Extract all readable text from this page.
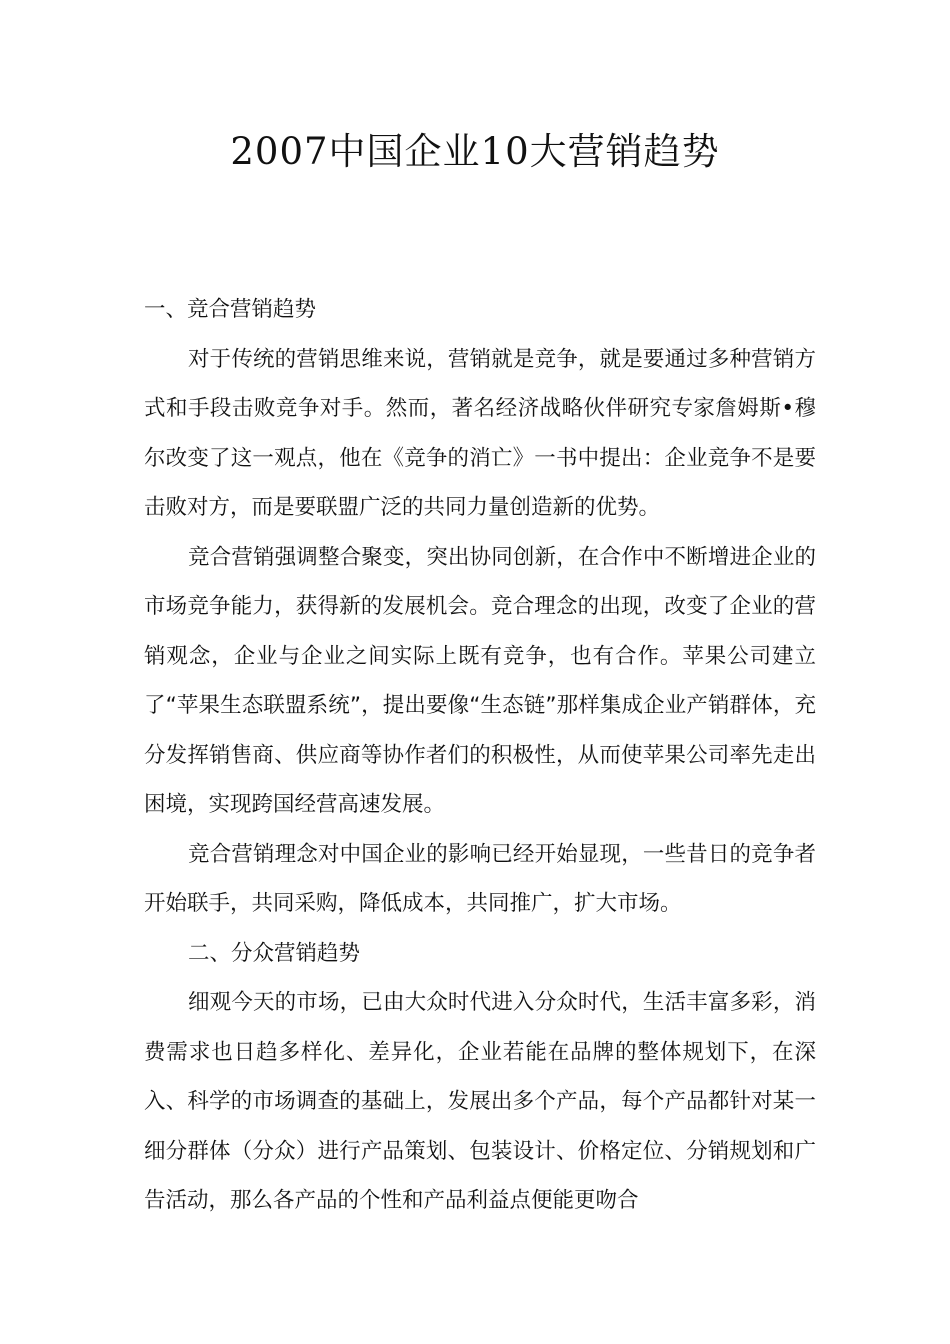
2007中国企业10大营销趋势

一、竞合营销趋势

对于传统的营销思维来说，营销就是竞争，就是要通过多种营销方式和手段击败竞争对手。然而，著名经济战略伙伴研究专家詹姆斯•穆尔改变了这一观点，他在《竞争的消亡》一书中提出：企业竞争不是要击败对方，而是要联盟广泛的共同力量创造新的优势。

竞合营销强调整合聚变，突出协同创新，在合作中不断增进企业的市场竞争能力，获得新的发展机会。竞合理念的出现，改变了企业的营销观念，企业与企业之间实际上既有竞争，也有合作。苹果公司建立了“苹果生态联盟系统”，提出要像“生态链”那样集成企业产销群体，充分发挥销售商、供应商等协作者们的积极性，从而使苹果公司率先走出困境，实现跨国经营高速发展。

竞合营销理念对中国企业的影响已经开始显现，一些昔日的竞争者开始联手，共同采购，降低成本，共同推广，扩大市场。

二、分众营销趋势

细观今天的市场，已由大众时代进入分众时代，生活丰富多彩，消费需求也日趋多样化、差异化，企业若能在品牌的整体规划下，在深入、科学的市场调查的基础上，发展出多个产品，每个产品都针对某一细分群体（分众）进行产品策划、包装设计、价格定位、分销规划和广告活动，那么各产品的个性和产品利益点便能更吻合
